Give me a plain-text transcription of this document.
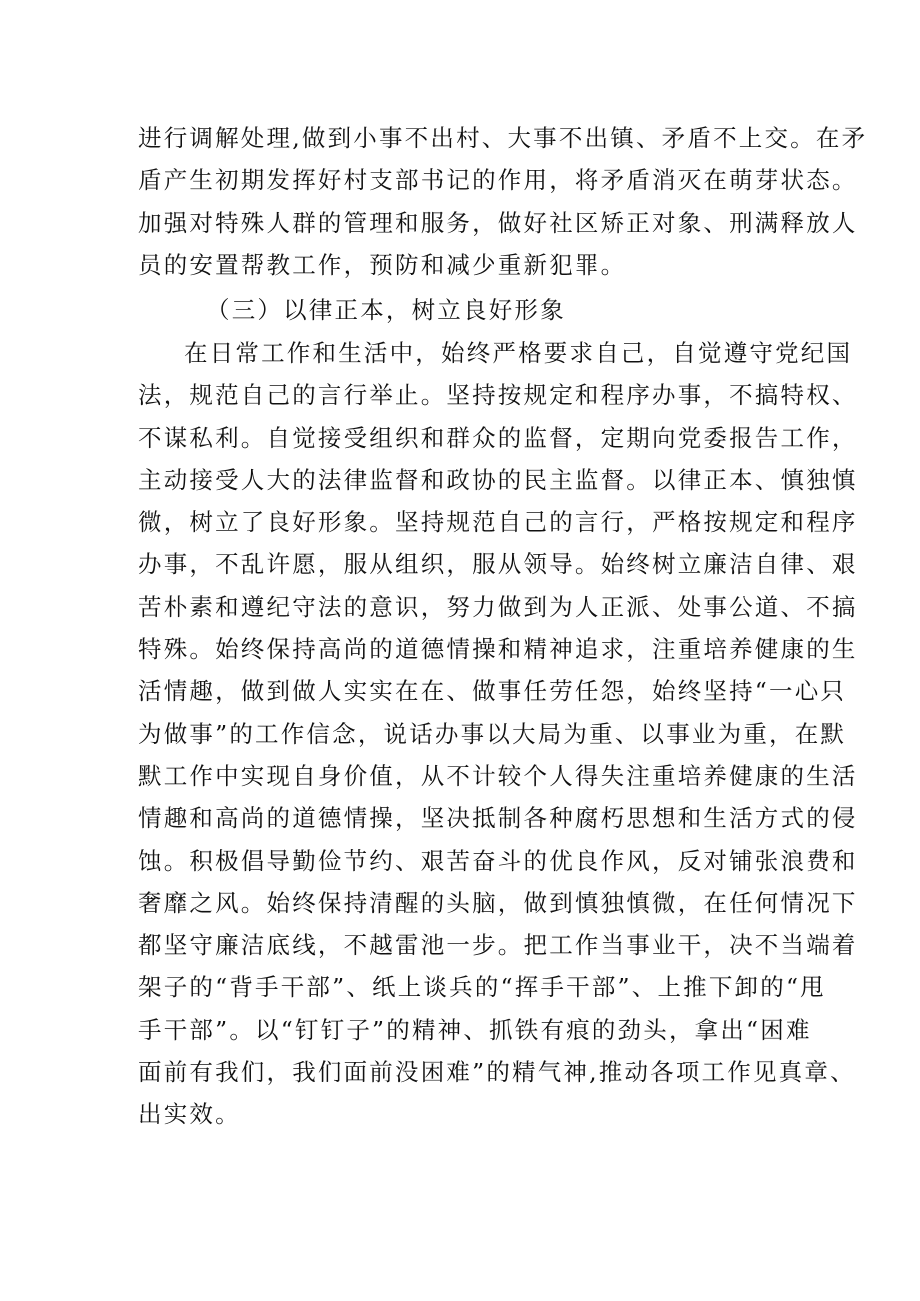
进行调解处理,做到小事不出村、大事不出镇、矛盾不上交。在矛
盾产生初期发挥好村支部书记的作用，将矛盾消灭在萌芽状态。
加强对特殊人群的管理和服务，做好社区矫正对象、刑满释放人
员的安置帮教工作，预防和减少重新犯罪。
（三）以律正本，树立良好形象
在日常工作和生活中，始终严格要求自己，自觉遵守党纪国
法，规范自己的言行举止。坚持按规定和程序办事，不搞特权、
不谋私利。自觉接受组织和群众的监督，定期向党委报告工作，
主动接受人大的法律监督和政协的民主监督。以律正本、慎独慎
微，树立了良好形象。坚持规范自己的言行，严格按规定和程序
办事，不乱许愿，服从组织，服从领导。始终树立廉洁自律、艰
苦朴素和遵纪守法的意识，努力做到为人正派、处事公道、不搞
特殊。始终保持高尚的道德情操和精神追求，注重培养健康的生
活情趣，做到做人实实在在、做事任劳任怨，始终坚持“一心只
为做事”的工作信念，说话办事以大局为重、以事业为重，在默
默工作中实现自身价值，从不计较个人得失注重培养健康的生活
情趣和高尚的道德情操，坚决抵制各种腐朽思想和生活方式的侵
蚀。积极倡导勤俭节约、艰苦奋斗的优良作风，反对铺张浪费和
奢靡之风。始终保持清醒的头脑，做到慎独慎微，在任何情况下
都坚守廉洁底线，不越雷池一步。把工作当事业干，决不当端着
架子的“背手干部”、纸上谈兵的“挥手干部”、上推下卸的“甩
手干部”。以“钉钉子”的精神、抓铁有痕的劲头，拿出“困难
面前有我们，我们面前没困难”的精气神,推动各项工作见真章、
出实效。
